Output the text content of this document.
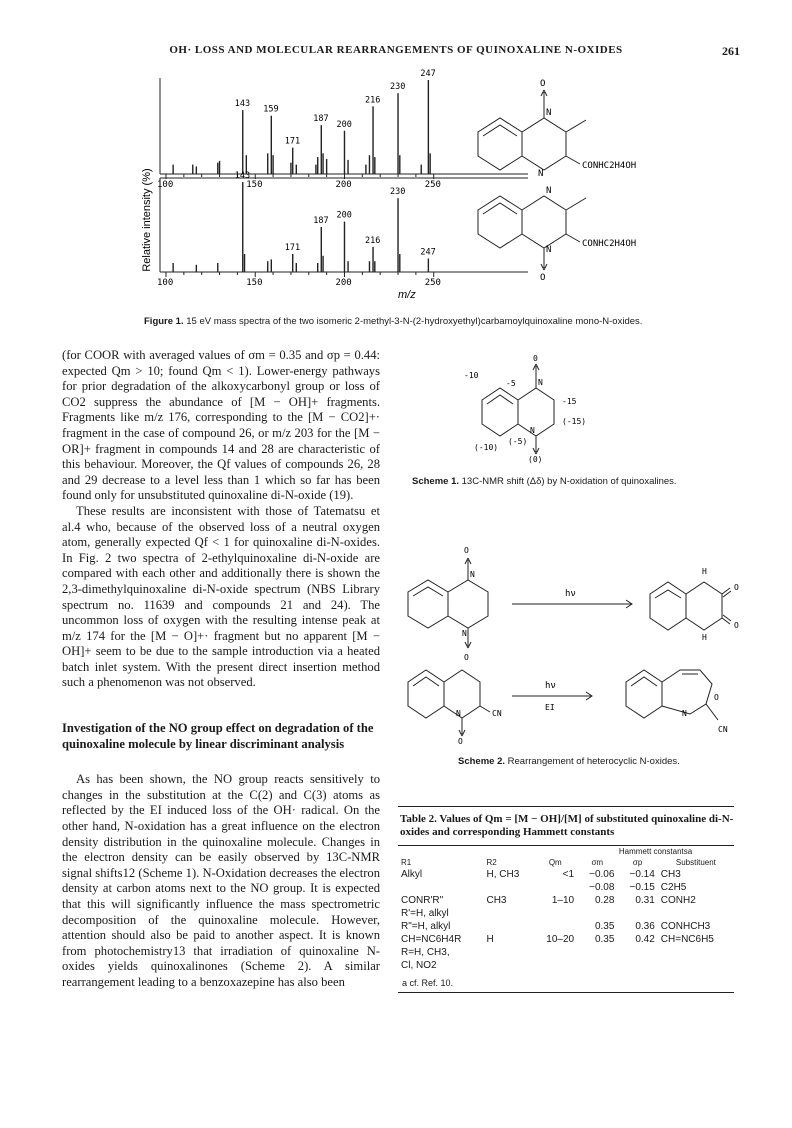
OH· LOSS AND MOLECULAR REARRANGEMENTS OF QUINOXALINE N-OXIDES	261
Relative intensity (%) 100	150	200	250
143
159
171
187
200
216
230
247
100	150	200	250
143
171
187
200
216
230
247
m/z
O
N
N
CONHC2H4OH
N
N
O
CONHC2H4OH
Figure 1. 15 eV mass spectra of the two isomeric 2-methyl-3-N-(2-hydroxyethyl)carbamoylquinoxaline mono-N-oxides.

(for COOR with averaged values of σm = 0.35 and σp = 0.44: expected Qm > 10; found Qm < 1). Lower-energy pathways for prior degradation of the alkoxycarbonyl group or loss of CO2 suppress the abundance of [M − OH]+ fragments. Fragments like m/z 176, corresponding to the [M − CO2]+· fragment in the case of compound 26, or m/z 203 for the [M − OR]+ fragment in compounds 14 and 28 are characteristic of this behaviour. Moreover, the Qf values of compounds 26, 28 and 29 decrease to a level less than 1 which so far has been found only for unsubstituted quinoxaline di-N-oxide (19).

These results are inconsistent with those of Tatematsu et al.4 who, because of the observed loss of a neutral oxygen atom, generally expected Qf < 1 for quinoxaline di-N-oxides. In Fig. 2 two spectra of 2-ethylquinoxaline di-N-oxide are compared with each other and additionally there is shown the 2,3-dimethylquinoxaline di-N-oxide spectrum (NBS Library spectrum no. 11639 and compounds 21 and 24). The uncommon loss of oxygen with the resulting intense peak at m/z 174 for the [M − O]+· fragment but no apparent [M − OH]+ seem to be due to the sample introduction via a heated batch inlet system. With the present direct insertion method such a phenomenon was not observed.

Investigation of the NO group effect on degradation of the quinoxaline molecule by linear discriminant analysis

As has been shown, the NO group reacts sensitively to changes in the substitution at the C(2) and C(3) atoms as reflected by the EI induced loss of the OH· radical. On the other hand, N-oxidation has a great influence on the electron density distribution in the quinoxaline molecule. Changes in the electron density can be easily observed by 13C-NMR signal shifts12 (Scheme 1). N-Oxidation decreases the electron density at carbon atoms next to the NO group. It is expected that this will significantly influence the mass spectrometric decomposition of the quinoxaline molecule. However, attention should also be paid to another aspect. It is known from photochemistry13 that irradiation of quinoxaline N-oxides yields quinoxalinones (Scheme 2). A similar rearrangement leading to a benzoxazepine has also been

0
-10
-5	N
-15
(-15)
N
(-5)
(-10)
(0)
Scheme 1. 13C-NMR shift (Δδ) by N-oxidation of quinoxalines.
O
N
N
O
hν
H
O
O
H
N	CN
O
hν
EI
O
N
CN
Scheme 2. Rearrangement of heterocyclic N-oxides.
Table 2. Values of Qm = [M − OH]/[M] of substituted quinoxaline di-N-oxides and corresponding Hammett constants
			Hammett constantsa		
R1	R2	Qm	σm	σp	Substituent
Alkyl	H, CH3	<1	−0.06	−0.14	CH3
			−0.08	−0.15	C2H5
CONR'R"	CH3	1–10	0.28	0.31	CONH2
R'=H, alkyl					
R"=H, alkyl			0.35	0.36	CONHCH3
CH=NC6H4R	H	10–20	0.35	0.42	CH=NC6H5
R=H, CH3,					
Cl, NO2					
a cf. Ref. 10.
